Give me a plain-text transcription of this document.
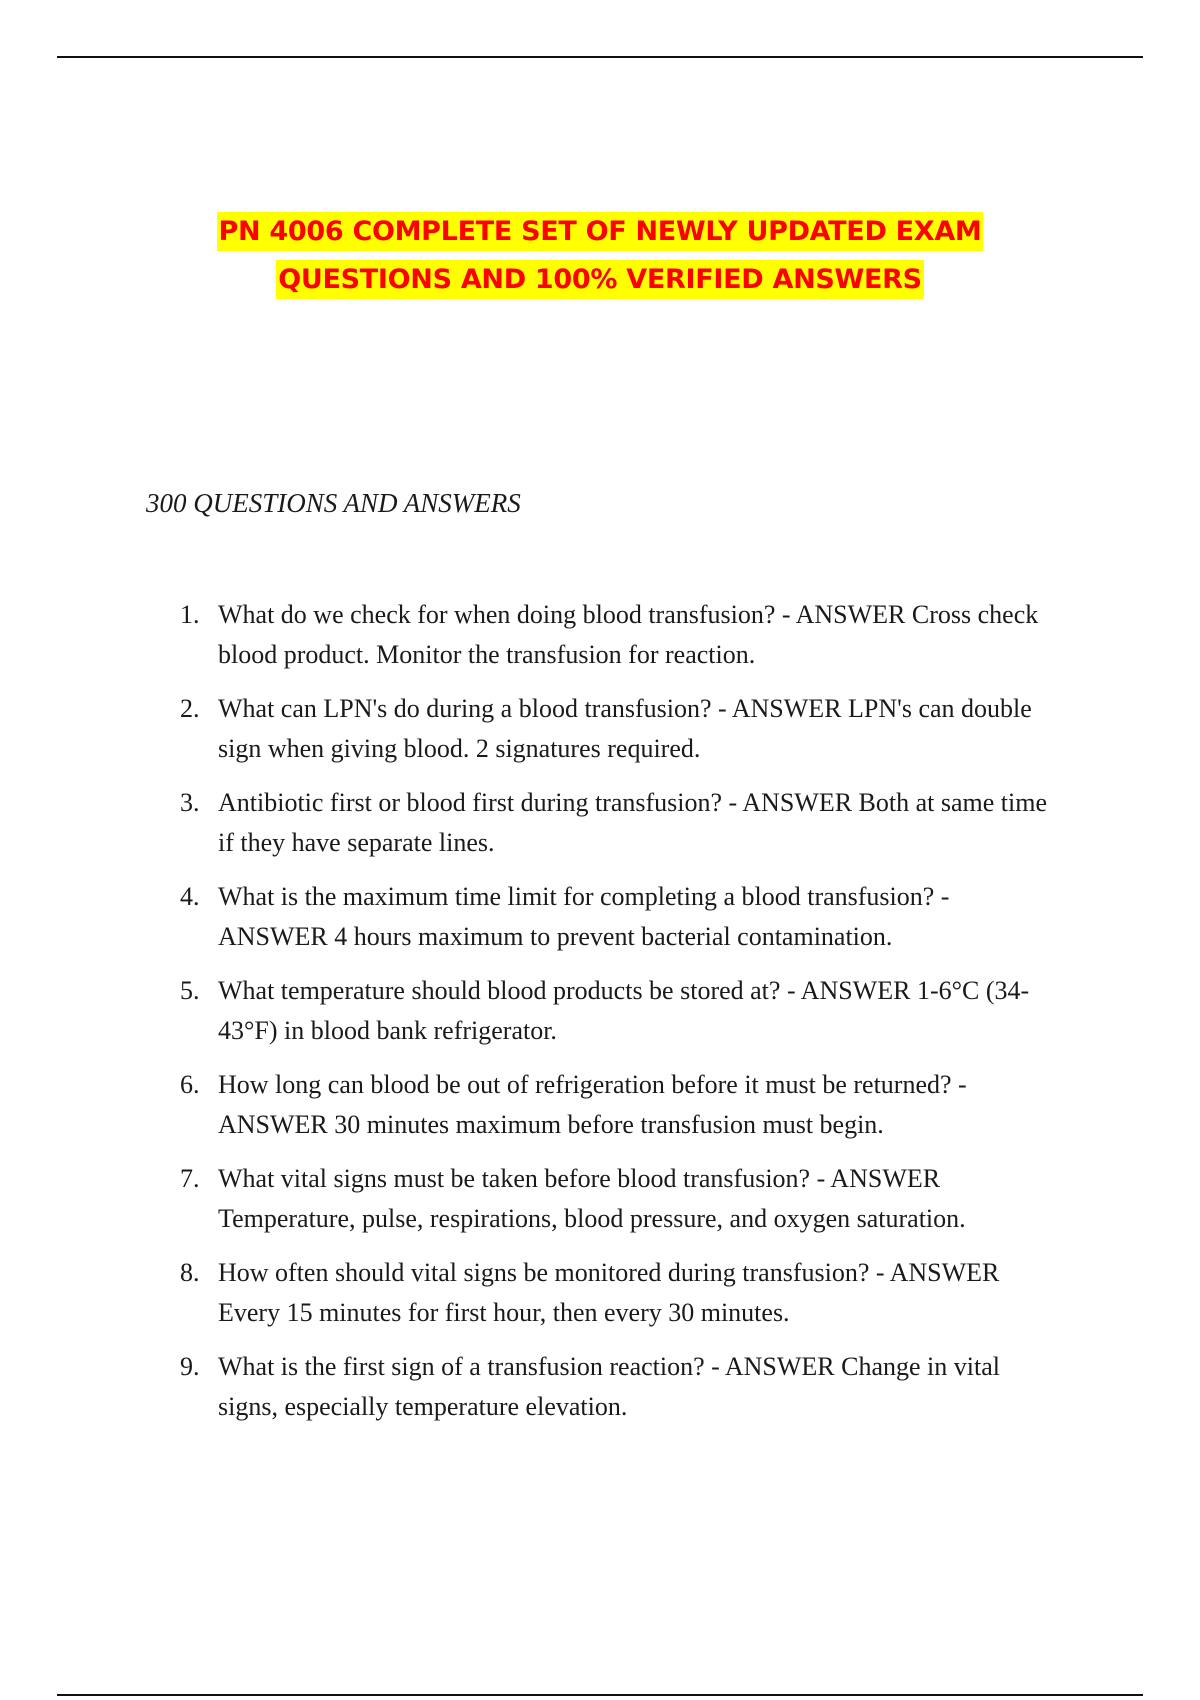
PN 4006 COMPLETE SET OF NEWLY UPDATED EXAM
QUESTIONS AND 100% VERIFIED ANSWERS
300 QUESTIONS AND ANSWERS
1. What do we check for when doing blood transfusion? - ANSWER Cross check blood product. Monitor the transfusion for reaction.
2. What can LPN's do during a blood transfusion? - ANSWER LPN's can double sign when giving blood. 2 signatures required.
3. Antibiotic first or blood first during transfusion? - ANSWER Both at same time if they have separate lines.
4. What is the maximum time limit for completing a blood transfusion? - ANSWER 4 hours maximum to prevent bacterial contamination.
5. What temperature should blood products be stored at? - ANSWER 1-6°C (34-43°F) in blood bank refrigerator.
6. How long can blood be out of refrigeration before it must be returned? - ANSWER 30 minutes maximum before transfusion must begin.
7. What vital signs must be taken before blood transfusion? - ANSWER Temperature, pulse, respirations, blood pressure, and oxygen saturation.
8. How often should vital signs be monitored during transfusion? - ANSWER Every 15 minutes for first hour, then every 30 minutes.
9. What is the first sign of a transfusion reaction? - ANSWER Change in vital signs, especially temperature elevation.
